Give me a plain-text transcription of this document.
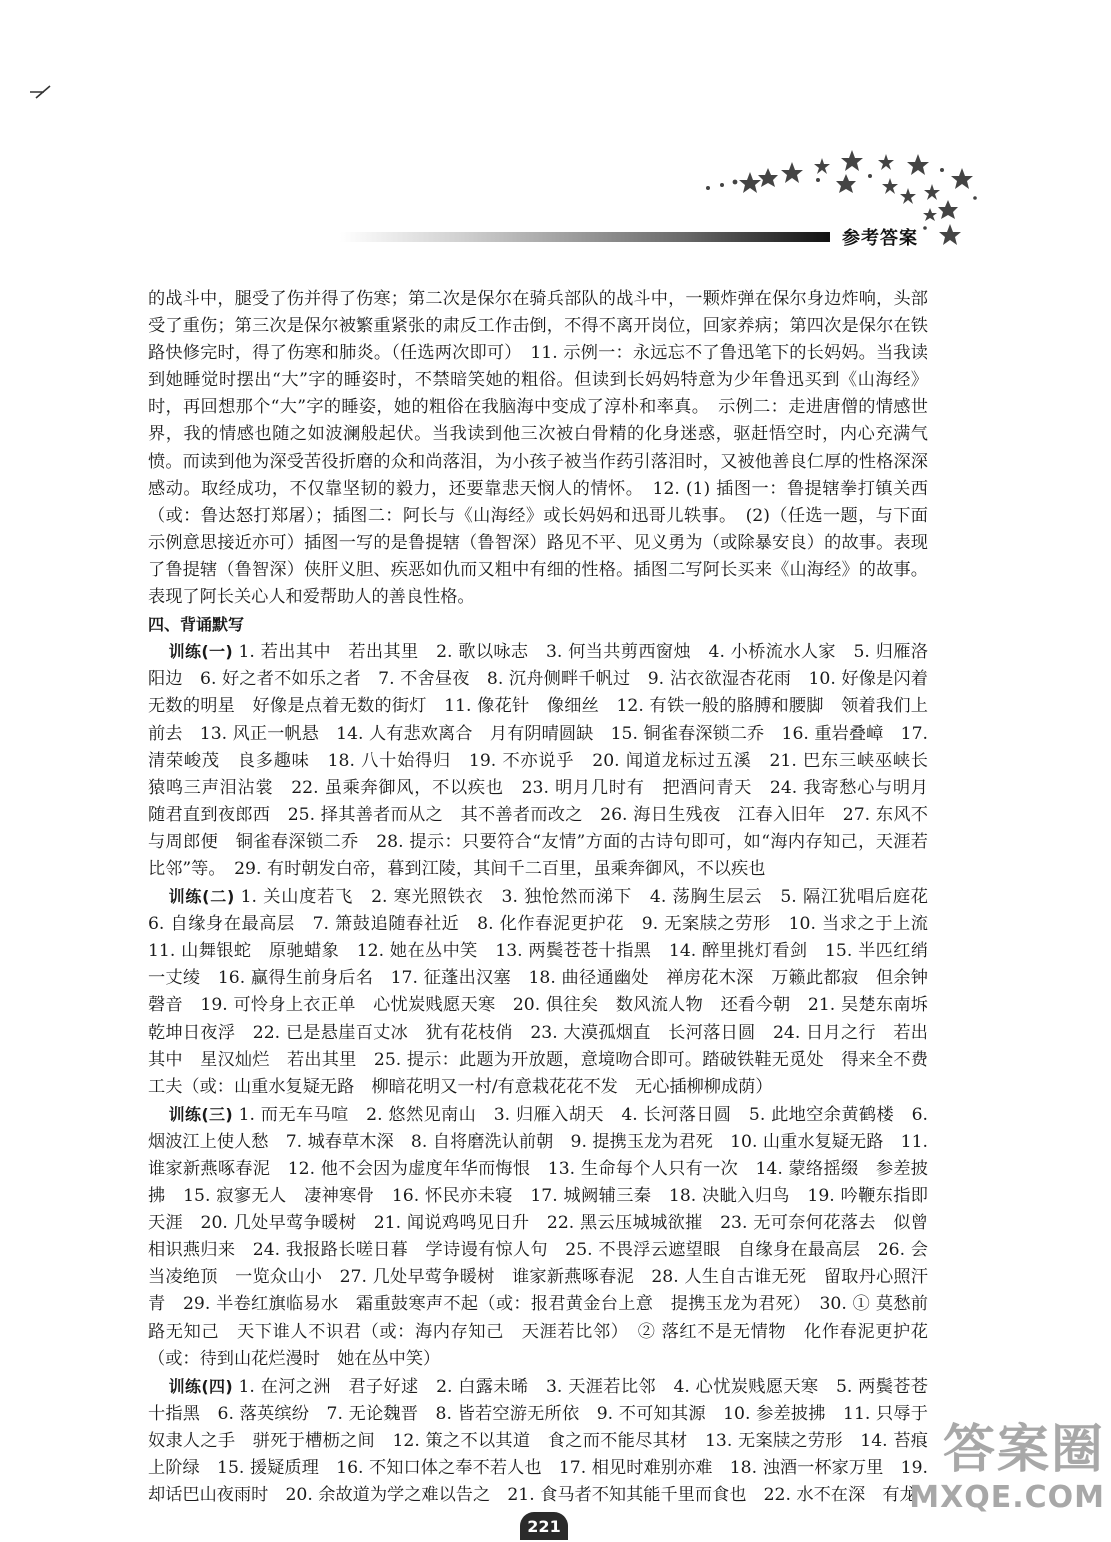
参考答案

的战斗中，腿受了伤并得了伤寒；第二次是保尔在骑兵部队的战斗中，一颗炸弹在保尔身边炸响，头部受了重伤；第三次是保尔被繁重紧张的肃反工作击倒，不得不离开岗位，回家养病；第四次是保尔在铁路快修完时，得了伤寒和肺炎。（任选两次即可）　11. 示例一：永远忘不了鲁迅笔下的长妈妈。当我读到她睡觉时摆出“大”字的睡姿时，不禁暗笑她的粗俗。但读到长妈妈特意为少年鲁迅买到《山海经》时，再回想那个“大”字的睡姿，她的粗俗在我脑海中变成了淳朴和率真。　示例二：走进唐僧的情感世界，我的情感也随之如波澜般起伏。当我读到他三次被白骨精的化身迷惑，驱赶悟空时，内心充满气愤。而读到他为深受苦役折磨的众和尚落泪，为小孩子被当作药引落泪时，又被他善良仁厚的性格深深感动。取经成功，不仅靠坚韧的毅力，还要靠悲天悯人的情怀。　12. (1) 插图一：鲁提辖拳打镇关西（或：鲁达怒打郑屠）；插图二：阿长与《山海经》或长妈妈和迅哥儿轶事。　(2)（任选一题，与下面示例意思接近亦可）插图一写的是鲁提辖（鲁智深）路见不平、见义勇为（或除暴安良）的故事。表现了鲁提辖（鲁智深）侠肝义胆、疾恶如仇而又粗中有细的性格。插图二写阿长买来《山海经》的故事。表现了阿长关心人和爱帮助人的善良性格。

四、背诵默写

训练(一) 1. 若出其中　若出其里　2. 歌以咏志　3. 何当共剪西窗烛　4. 小桥流水人家　5. 归雁洛阳边　6. 好之者不如乐之者　7. 不舍昼夜　8. 沉舟侧畔千帆过　9. 沾衣欲湿杏花雨　10. 好像是闪着无数的明星　好像是点着无数的街灯　11. 像花针　像细丝　12. 有铁一般的胳膊和腰脚　领着我们上前去　13. 风正一帆悬　14. 人有悲欢离合　月有阴晴圆缺　15. 铜雀春深锁二乔　16. 重岩叠嶂　17. 清荣峻茂　良多趣味　18. 八十始得归　19. 不亦说乎　20. 闻道龙标过五溪　21. 巴东三峡巫峡长　猿鸣三声泪沾裳　22. 虽乘奔御风，不以疾也　23. 明月几时有　把酒问青天　24. 我寄愁心与明月　随君直到夜郎西　25. 择其善者而从之　其不善者而改之　26. 海日生残夜　江春入旧年　27. 东风不与周郎便　铜雀春深锁二乔　28. 提示：只要符合“友情”方面的古诗句即可，如“海内存知己，天涯若比邻”等。　29. 有时朝发白帝，暮到江陵，其间千二百里，虽乘奔御风，不以疾也

训练(二) 1. 关山度若飞　2. 寒光照铁衣　3. 独怆然而涕下　4. 荡胸生层云　5. 隔江犹唱后庭花　6. 自缘身在最高层　7. 箫鼓追随春社近　8. 化作春泥更护花　9. 无案牍之劳形　10. 当求之于上流　11. 山舞银蛇　原驰蜡象　12. 她在丛中笑　13. 两鬓苍苍十指黑　14. 醉里挑灯看剑　15. 半匹红绡一丈绫　16. 赢得生前身后名　17. 征蓬出汉塞　18. 曲径通幽处　禅房花木深　万籁此都寂　但余钟磬音　19. 可怜身上衣正单　心忧炭贱愿天寒　20. 俱往矣　数风流人物　还看今朝　21. 吴楚东南坼　乾坤日夜浮　22. 已是悬崖百丈冰　犹有花枝俏　23. 大漠孤烟直　长河落日圆　24. 日月之行　若出其中　星汉灿烂　若出其里　25. 提示：此题为开放题，意境吻合即可。踏破铁鞋无觅处　得来全不费工夫（或：山重水复疑无路　柳暗花明又一村/有意栽花花不发　无心插柳柳成荫）

训练(三) 1. 而无车马喧　2. 悠然见南山　3. 归雁入胡天　4. 长河落日圆　5. 此地空余黄鹤楼　6. 烟波江上使人愁　7. 城春草木深　8. 自将磨洗认前朝　9. 提携玉龙为君死　10. 山重水复疑无路　11. 谁家新燕啄春泥　12. 他不会因为虚度年华而悔恨　13. 生命每个人只有一次　14. 蒙络摇缀　参差披拂　15. 寂寥无人　凄神寒骨　16. 怀民亦未寝　17. 城阙辅三秦　18. 决眦入归鸟　19. 吟鞭东指即天涯　20. 几处早莺争暖树　21. 闻说鸡鸣见日升　22. 黑云压城城欲摧　23. 无可奈何花落去　似曾相识燕归来　24. 我报路长嗟日暮　学诗谩有惊人句　25. 不畏浮云遮望眼　自缘身在最高层　26. 会当凌绝顶　一览众山小　27. 几处早莺争暖树　谁家新燕啄春泥　28. 人生自古谁无死　留取丹心照汗青　29. 半卷红旗临易水　霜重鼓寒声不起（或：报君黄金台上意　提携玉龙为君死）　30. ① 莫愁前路无知己　天下谁人不识君（或：海内存知己　天涯若比邻）　② 落红不是无情物　化作春泥更护花（或：待到山花烂漫时　她在丛中笑）

训练(四) 1. 在河之洲　君子好逑　2. 白露未晞　3. 天涯若比邻　4. 心忧炭贱愿天寒　5. 两鬓苍苍十指黑　6. 落英缤纷　7. 无论魏晋　8. 皆若空游无所依　9. 不可知其源　10. 参差披拂　11. 只辱于奴隶人之手　骈死于槽枥之间　12. 策之不以其道　食之而不能尽其材　13. 无案牍之劳形　14. 苔痕上阶绿　15. 援疑质理　16. 不知口体之奉不若人也　17. 相见时难别亦难　18. 浊酒一杯家万里　19. 却话巴山夜雨时　20. 余故道为学之难以告之　21. 食马者不知其能千里而食也　22. 水不在深　有龙

221
答案圈
MXQE.COM
